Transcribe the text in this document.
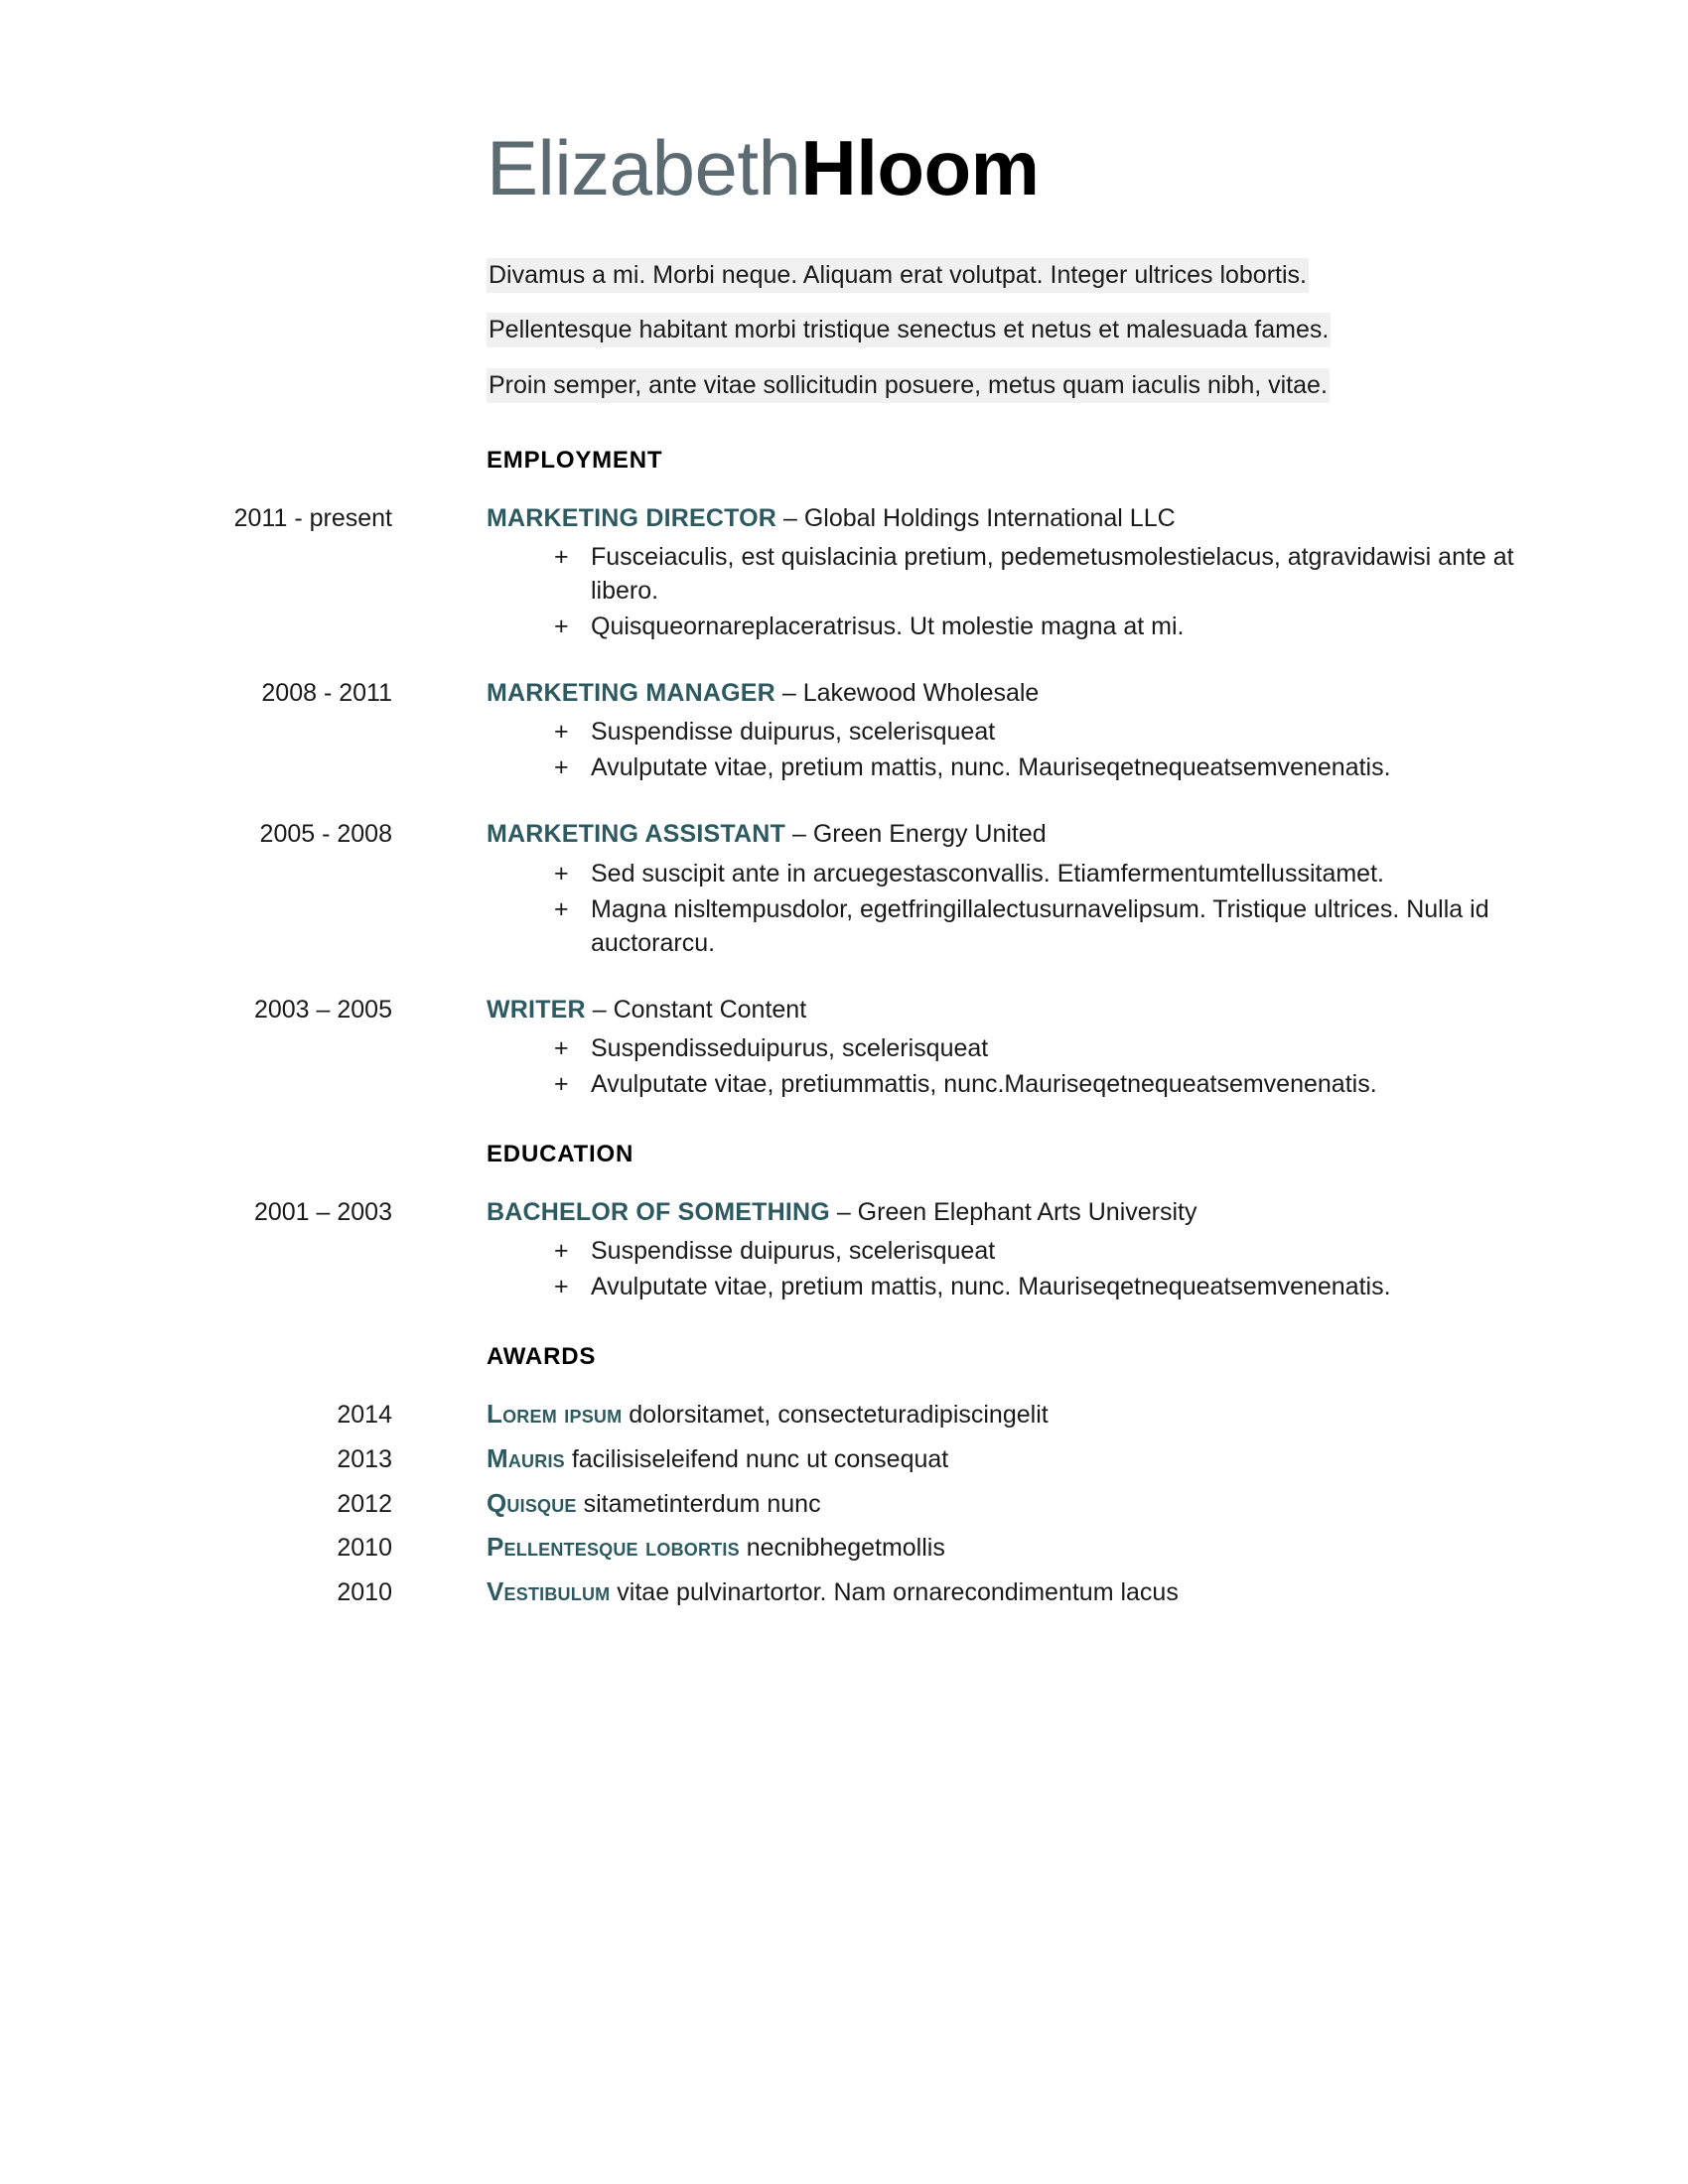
ElizabethHloom
Divamus a mi. Morbi neque. Aliquam erat volutpat. Integer ultrices lobortis.
Pellentesque habitant morbi tristique senectus et netus et malesuada fames.
Proin semper, ante vitae sollicitudin posuere, metus quam iaculis nibh, vitae.
EMPLOYMENT
2011 - present	MARKETING DIRECTOR – Global Holdings International LLC
+ Fusceiaculis, est quislacinia pretium, pedemetusmolestielacus, atgravidawisi ante at libero.
+ Quisqueornareplaceratrisus. Ut molestie magna at mi.
2008 - 2011	MARKETING MANAGER – Lakewood Wholesale
+ Suspendisse duipurus, scelerisqueat
+ Avulputate vitae, pretium mattis, nunc. Mauriseqetnequeatsemvenenatis.
2005 - 2008	MARKETING ASSISTANT – Green Energy United
+ Sed suscipit ante in arcuegestasconvallis. Etiamfermentumtellussitamet.
+ Magna nisltempusdolor, egetfringillalectusurnavelipsum. Tristique ultrices. Nulla id auctorarcu.
2003 – 2005	WRITER – Constant Content
+ Suspendisseduipurus, scelerisqueat
+ Avulputate vitae, pretiummattis, nunc.Mauriseqetnequeatsemvenenatis.
EDUCATION
2001 – 2003	BACHELOR OF SOMETHING – Green Elephant Arts University
+ Suspendisse duipurus, scelerisqueat
+ Avulputate vitae, pretium mattis, nunc. Mauriseqetnequeatsemvenenatis.
AWARDS
2014	Lorem ipsum dolorsitamet, consecteturadipiscingelit
2013	Mauris facilisiseleifend nunc ut consequat
2012	Quisque sitametinterdum nunc
2010	Pellentesque lobortis necnibhegetmollis
2010	Vestibulum vitae pulvinartortor. Nam ornarecondimentum lacus
